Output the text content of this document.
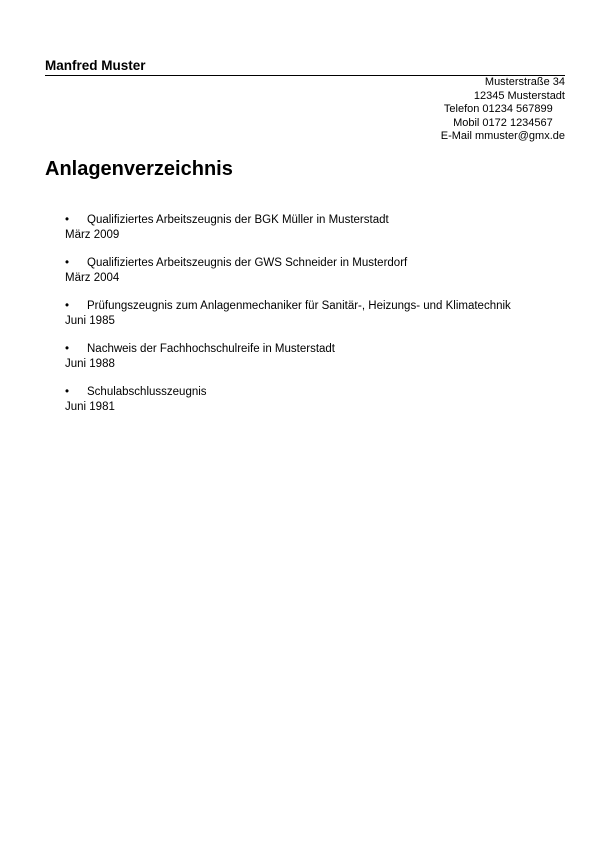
Manfred Muster
Musterstraße 34
12345 Musterstadt
Telefon 01234 567899
Mobil 0172 1234567
E-Mail mmuster@gmx.de
Anlagenverzeichnis
• Qualifiziertes Arbeitszeugnis der BGK Müller in Musterstadt
März 2009
• Qualifiziertes Arbeitszeugnis der GWS Schneider in Musterdorf
März 2004
• Prüfungszeugnis zum Anlagenmechaniker für Sanitär-, Heizungs- und Klimatechnik
Juni 1985
• Nachweis der Fachhochschulreife in Musterstadt
Juni 1988
• Schulabschlusszeugnis
Juni 1981
